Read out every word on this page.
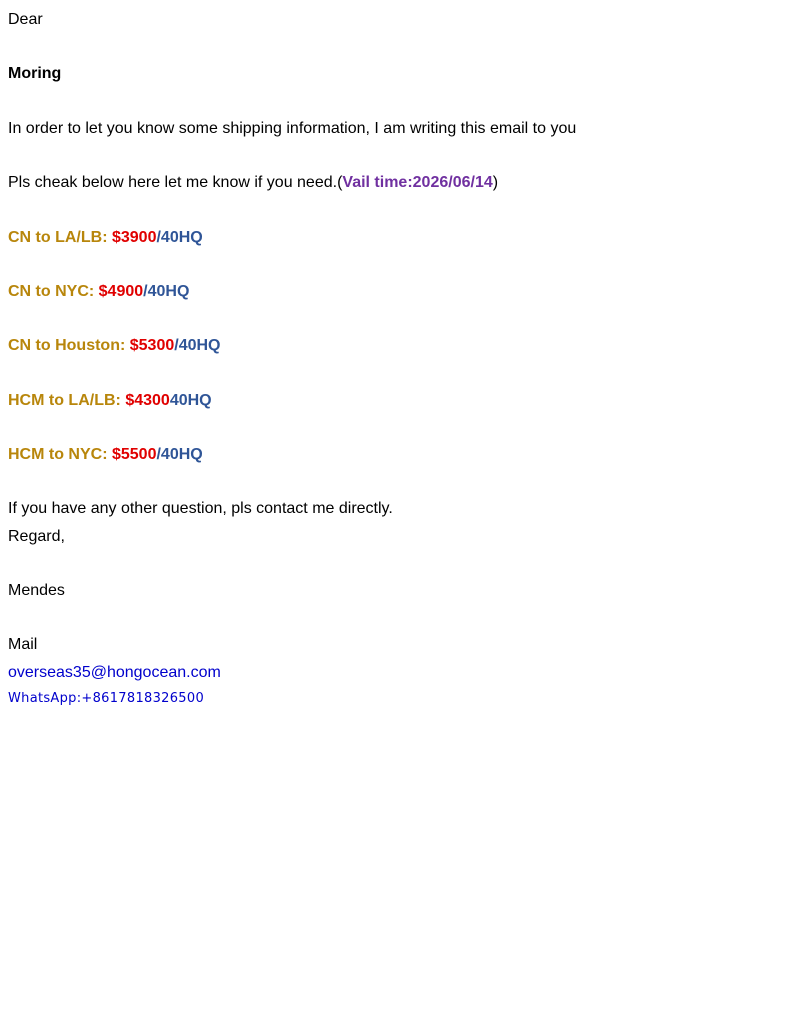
Dear
Moring
In order to let you know some shipping information, I am writing this email to you
Pls cheak below here let me know if you need.(Vail time:2026/06/14)
CN to LA/LB: $3900/40HQ
CN to NYC: $4900/40HQ
CN to Houston: $5300/40HQ
HCM to LA/LB: $430040HQ
HCM to NYC: $5500/40HQ
If you have any other question, pls contact me directly.
Regard,
Mendes
Mail
overseas35@hongocean.com
WhatsApp:+8617818326500
